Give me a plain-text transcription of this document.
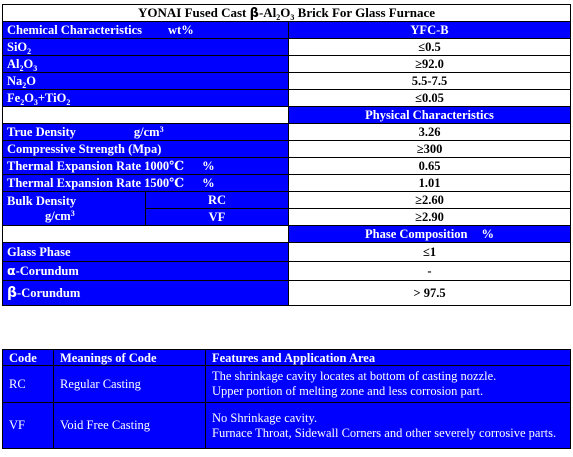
YONAI Fused Cast $\beta-Al_2O_3$ Brick For Glass Furnace		
Chemical Characteristics wt%		YFC-B
SiO$_2$		≤0.5
$Al_2O_3$		≥92.0
$Na_2O$		5.5-7.5
$Fe_2O_3+TiO_2$		≤0.05
		Physical Characteristics
True Density $g/cm^3$		3.26
Compressive Strength (Mpa)		≥300
Thermal Expansion Rate 1000℃ %		0.65
Thermal Expansion Rate 1500℃ %		1.01
Bulk Density
$g/cm^3$	RC	≥2.60
	VF	≥2.90
		Phase Composition %
Glass Phase		≤1
α-Corundum		-
β-Corundum		> 97.5
Code	Meanings of Code	Features and Application Area
RC	Regular Casting	The shrinkage cavity locates at bottom of casting nozzle.
Upper portion of melting zone and less corrosion part.
VF	Void Free Casting	No Shrinkage cavity.
Furnace Throat, Sidewall Corners and other severely corrosive parts.
